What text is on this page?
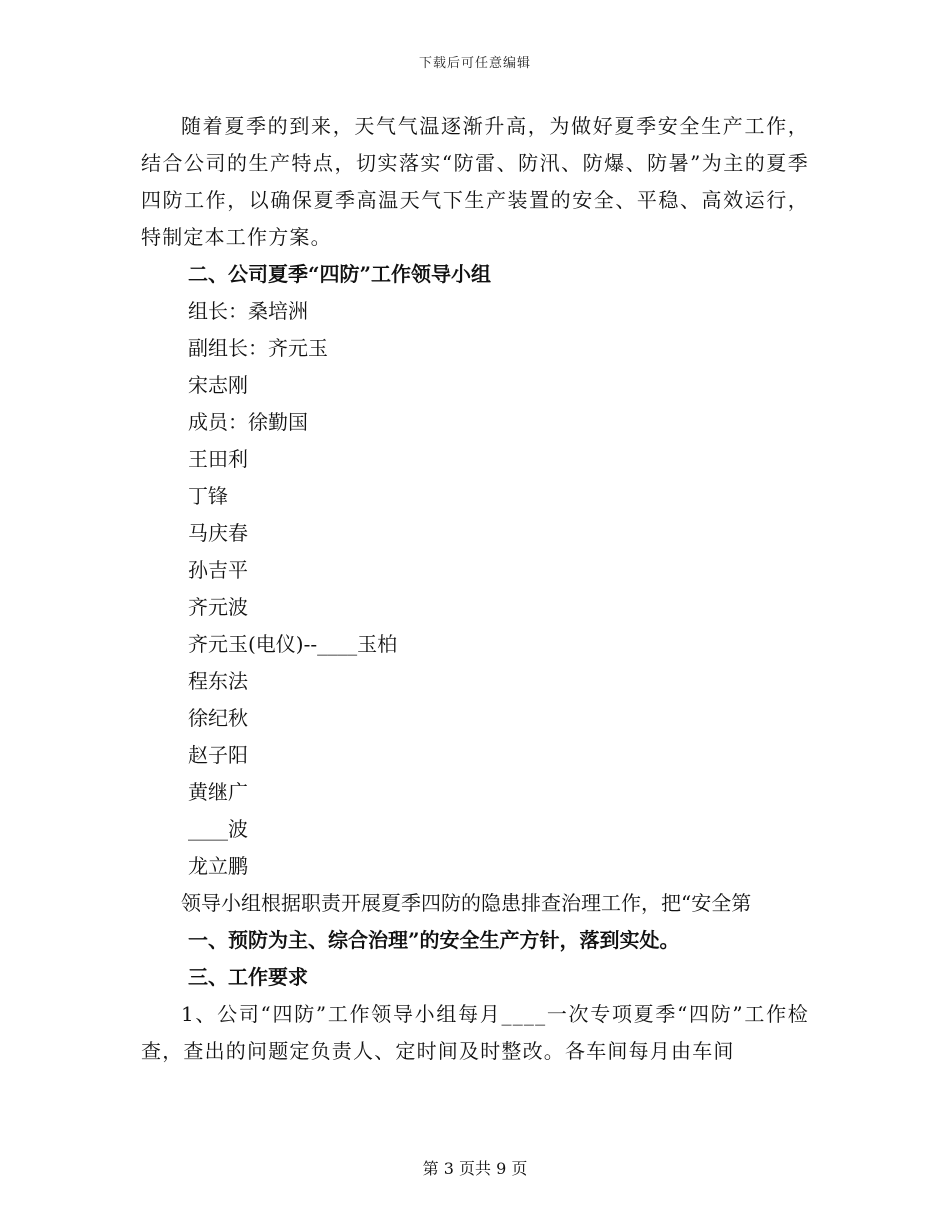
下载后可任意编辑

随着夏季的到来，天气气温逐渐升高，为做好夏季安全生产工作，结合公司的生产特点，切实落实“防雷、防汛、防爆、防暑”为主的夏季四防工作，以确保夏季高温天气下生产装置的安全、平稳、高效运行，特制定本工作方案。

二、公司夏季“四防”工作领导小组

组长：桑培洲

副组长：齐元玉

宋志刚

成员：徐勤国

王田利

丁锋

马庆春

孙吉平

齐元波

齐元玉(电仪)--____玉柏

程东法

徐纪秋

赵子阳

黄继广

____波

龙立鹏

领导小组根据职责开展夏季四防的隐患排查治理工作，把“安全第

一、预防为主、综合治理”的安全生产方针，落到实处。

三、工作要求

1、公司“四防”工作领导小组每月____一次专项夏季“四防”工作检查，查出的问题定负责人、定时间及时整改。各车间每月由车间

第 3 页共 9 页
